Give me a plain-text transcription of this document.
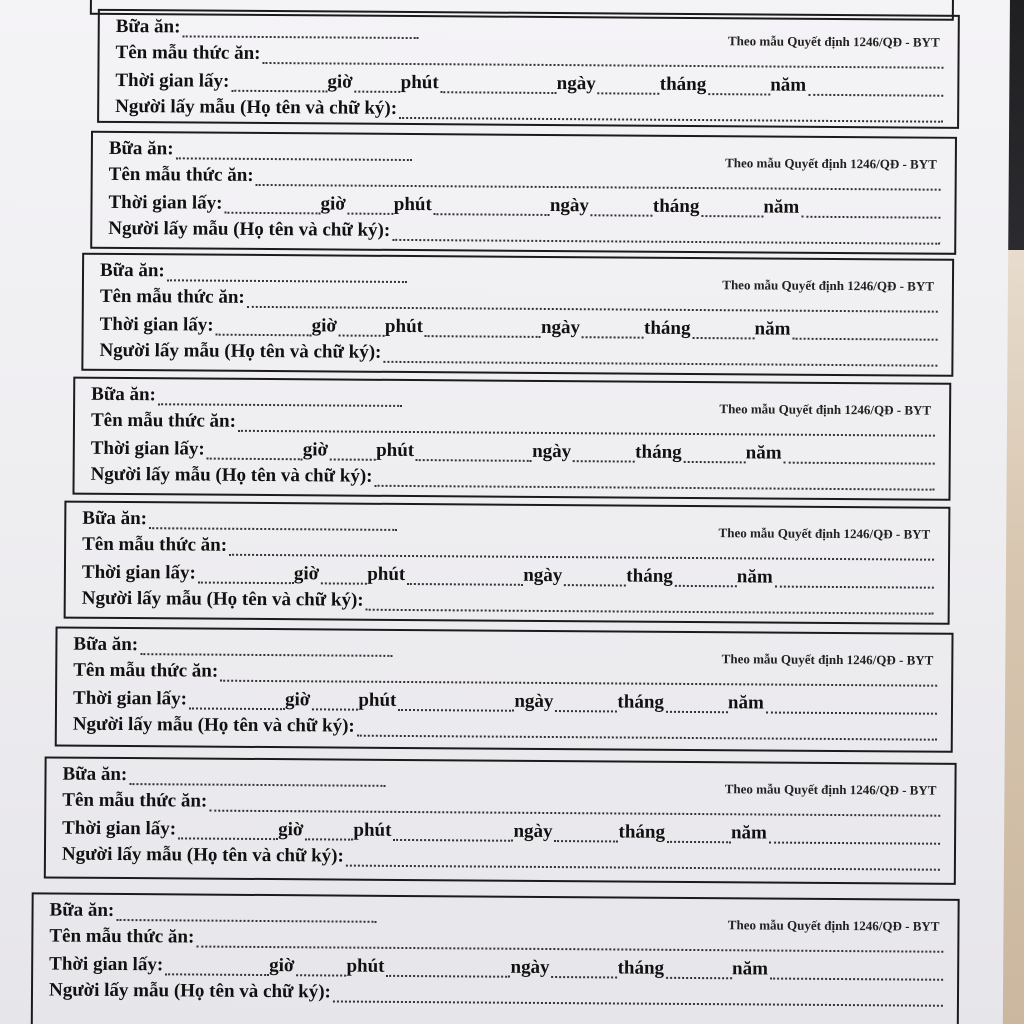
Bữa ăn:
Theo mẫu Quyết định 1246/QĐ - BYT
Tên mẫu thức ăn:
Thời gian lấy:	giờ	phút	ngày	tháng	năm
Người lấy mẫu (Họ tên và chữ ký):
Bữa ăn:
Theo mẫu Quyết định 1246/QĐ - BYT
Tên mẫu thức ăn:
Thời gian lấy:	giờ	phút	ngày	tháng	năm
Người lấy mẫu (Họ tên và chữ ký):
Bữa ăn:
Theo mẫu Quyết định 1246/QĐ - BYT
Tên mẫu thức ăn:
Thời gian lấy:	giờ	phút	ngày	tháng	năm
Người lấy mẫu (Họ tên và chữ ký):
Bữa ăn:
Theo mẫu Quyết định 1246/QĐ - BYT
Tên mẫu thức ăn:
Thời gian lấy:	giờ	phút	ngày	tháng	năm
Người lấy mẫu (Họ tên và chữ ký):
Bữa ăn:
Theo mẫu Quyết định 1246/QĐ - BYT
Tên mẫu thức ăn:
Thời gian lấy:	giờ	phút	ngày	tháng	năm
Người lấy mẫu (Họ tên và chữ ký):
Bữa ăn:
Theo mẫu Quyết định 1246/QĐ - BYT
Tên mẫu thức ăn:
Thời gian lấy:	giờ	phút	ngày	tháng	năm
Người lấy mẫu (Họ tên và chữ ký):
Bữa ăn:
Theo mẫu Quyết định 1246/QĐ - BYT
Tên mẫu thức ăn:
Thời gian lấy:	giờ	phút	ngày	tháng	năm
Người lấy mẫu (Họ tên và chữ ký):
Bữa ăn:
Theo mẫu Quyết định 1246/QĐ - BYT
Tên mẫu thức ăn:
Thời gian lấy:	giờ	phút	ngày	tháng	năm
Người lấy mẫu (Họ tên và chữ ký):
